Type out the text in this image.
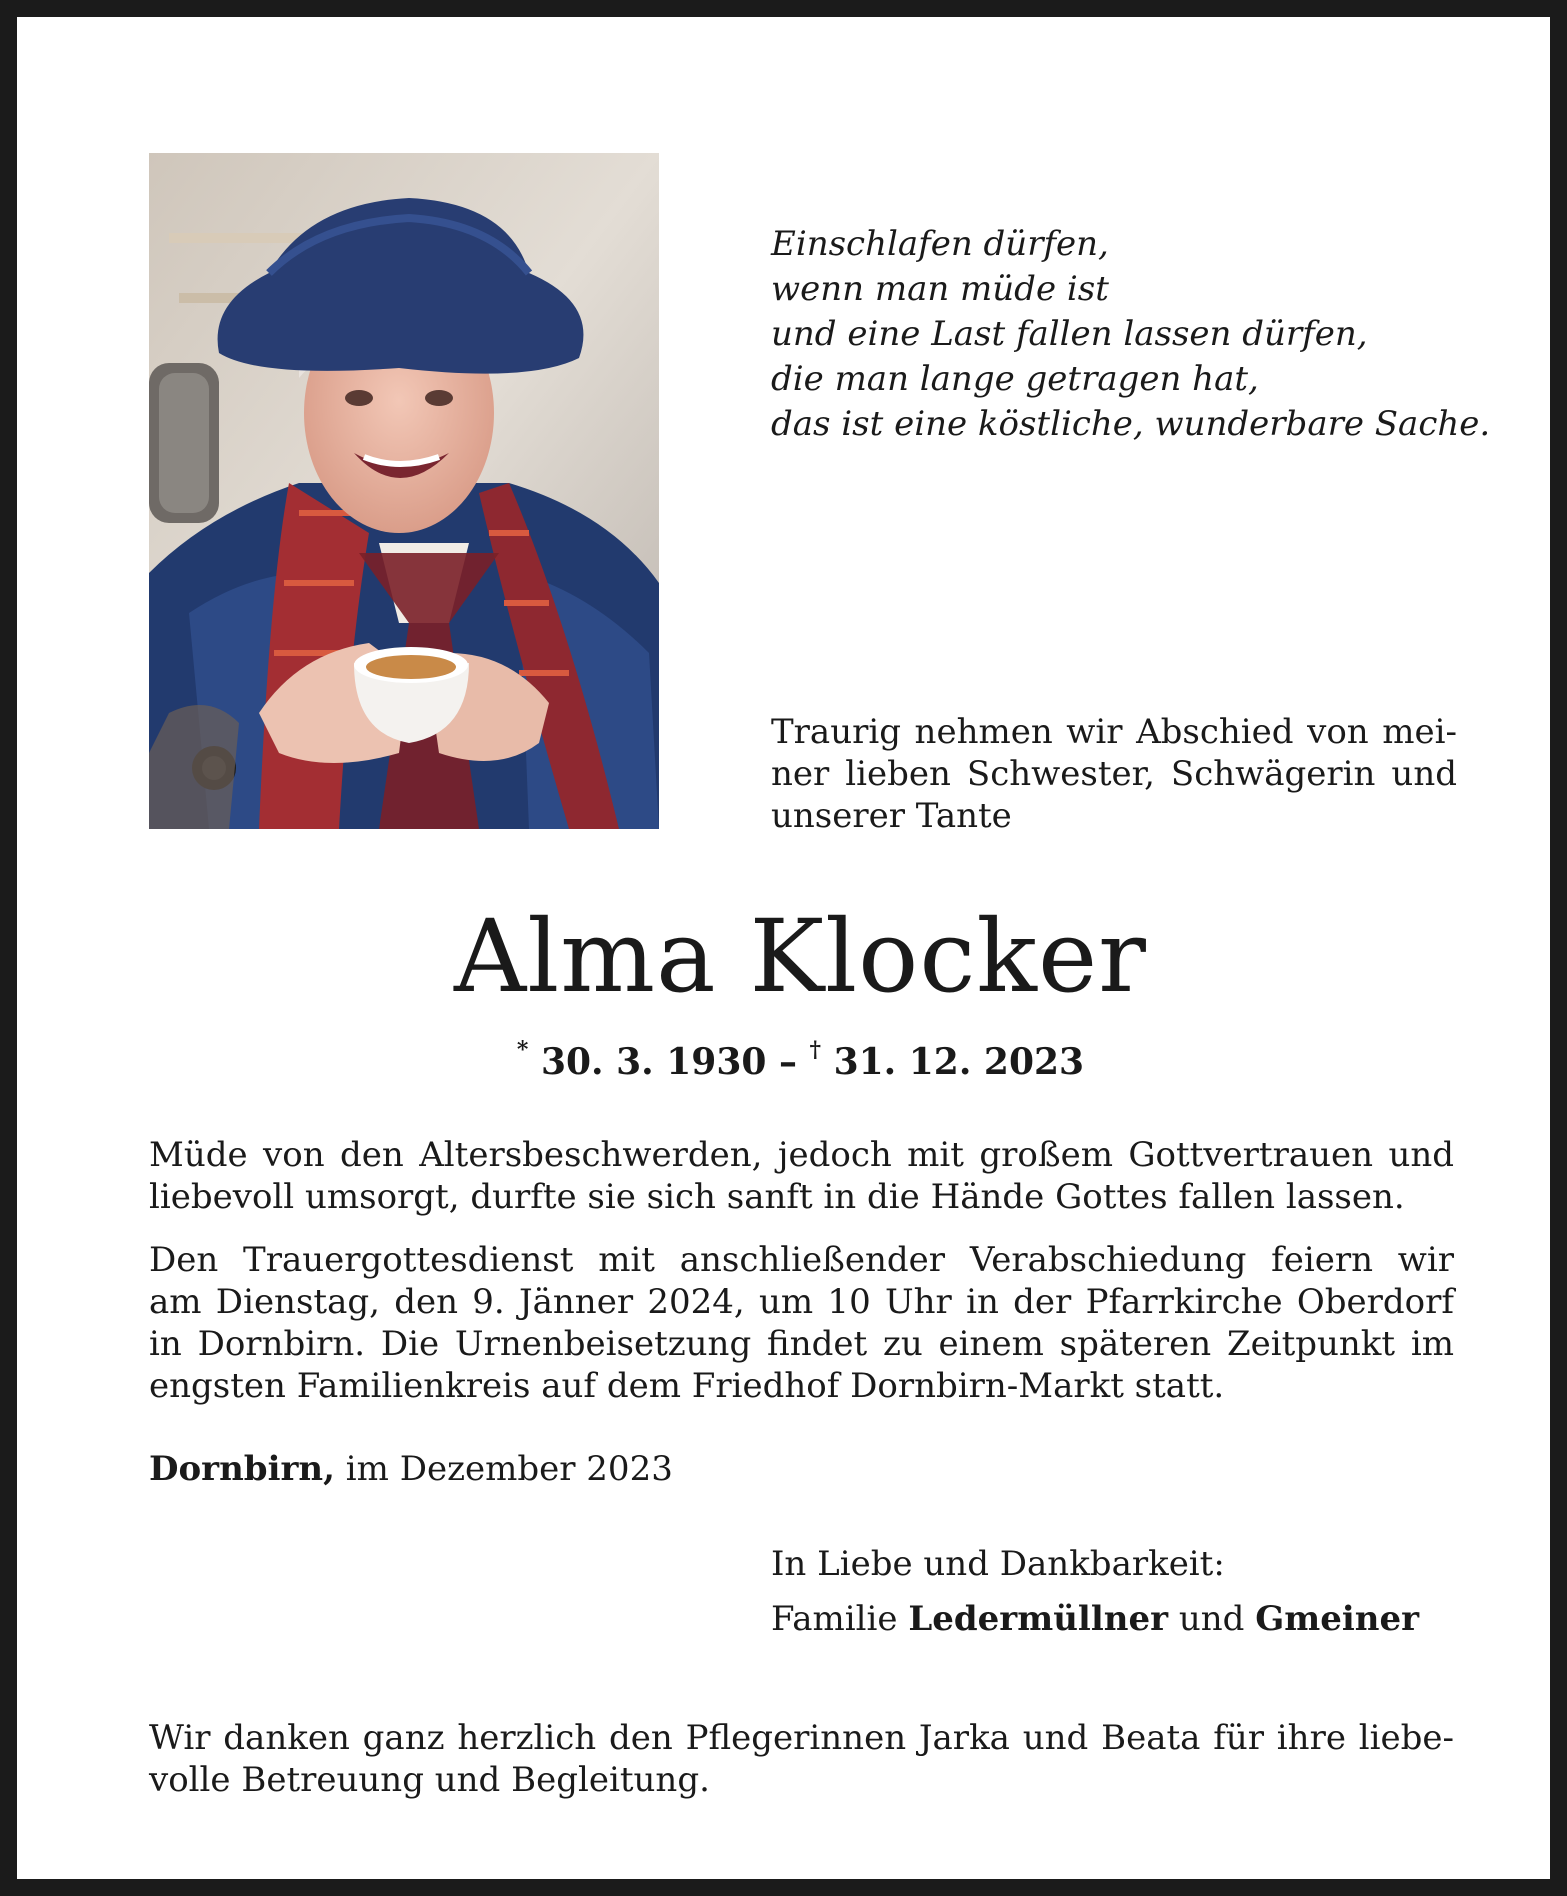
Einschlafen dürfen,
wenn man müde ist
und eine Last fallen lassen dürfen,
die man lange getragen hat,
das ist eine köstliche, wunderbare Sache.
Traurig nehmen wir Abschied von mei-
ner lieben Schwester, Schwägerin und
unserer Tante
Alma Klocker
* 30. 3. 1930 – † 31. 12. 2023
Müde von den Altersbeschwerden, jedoch mit großem Gottvertrauen und
liebevoll umsorgt, durfte sie sich sanft in die Hände Gottes fallen lassen.
Den Trauergottesdienst mit anschließender Verabschiedung feiern wir
am Dienstag, den 9. Jänner 2024, um 10 Uhr in der Pfarrkirche Oberdorf
in Dornbirn. Die Urnenbeisetzung findet zu einem späteren Zeitpunkt im
engsten Familienkreis auf dem Friedhof Dornbirn-Markt statt.
Dornbirn, im Dezember 2023
In Liebe und Dankbarkeit:
Familie Ledermüllner und Gmeiner
Wir danken ganz herzlich den Pflegerinnen Jarka und Beata für ihre liebe-
volle Betreuung und Begleitung.
